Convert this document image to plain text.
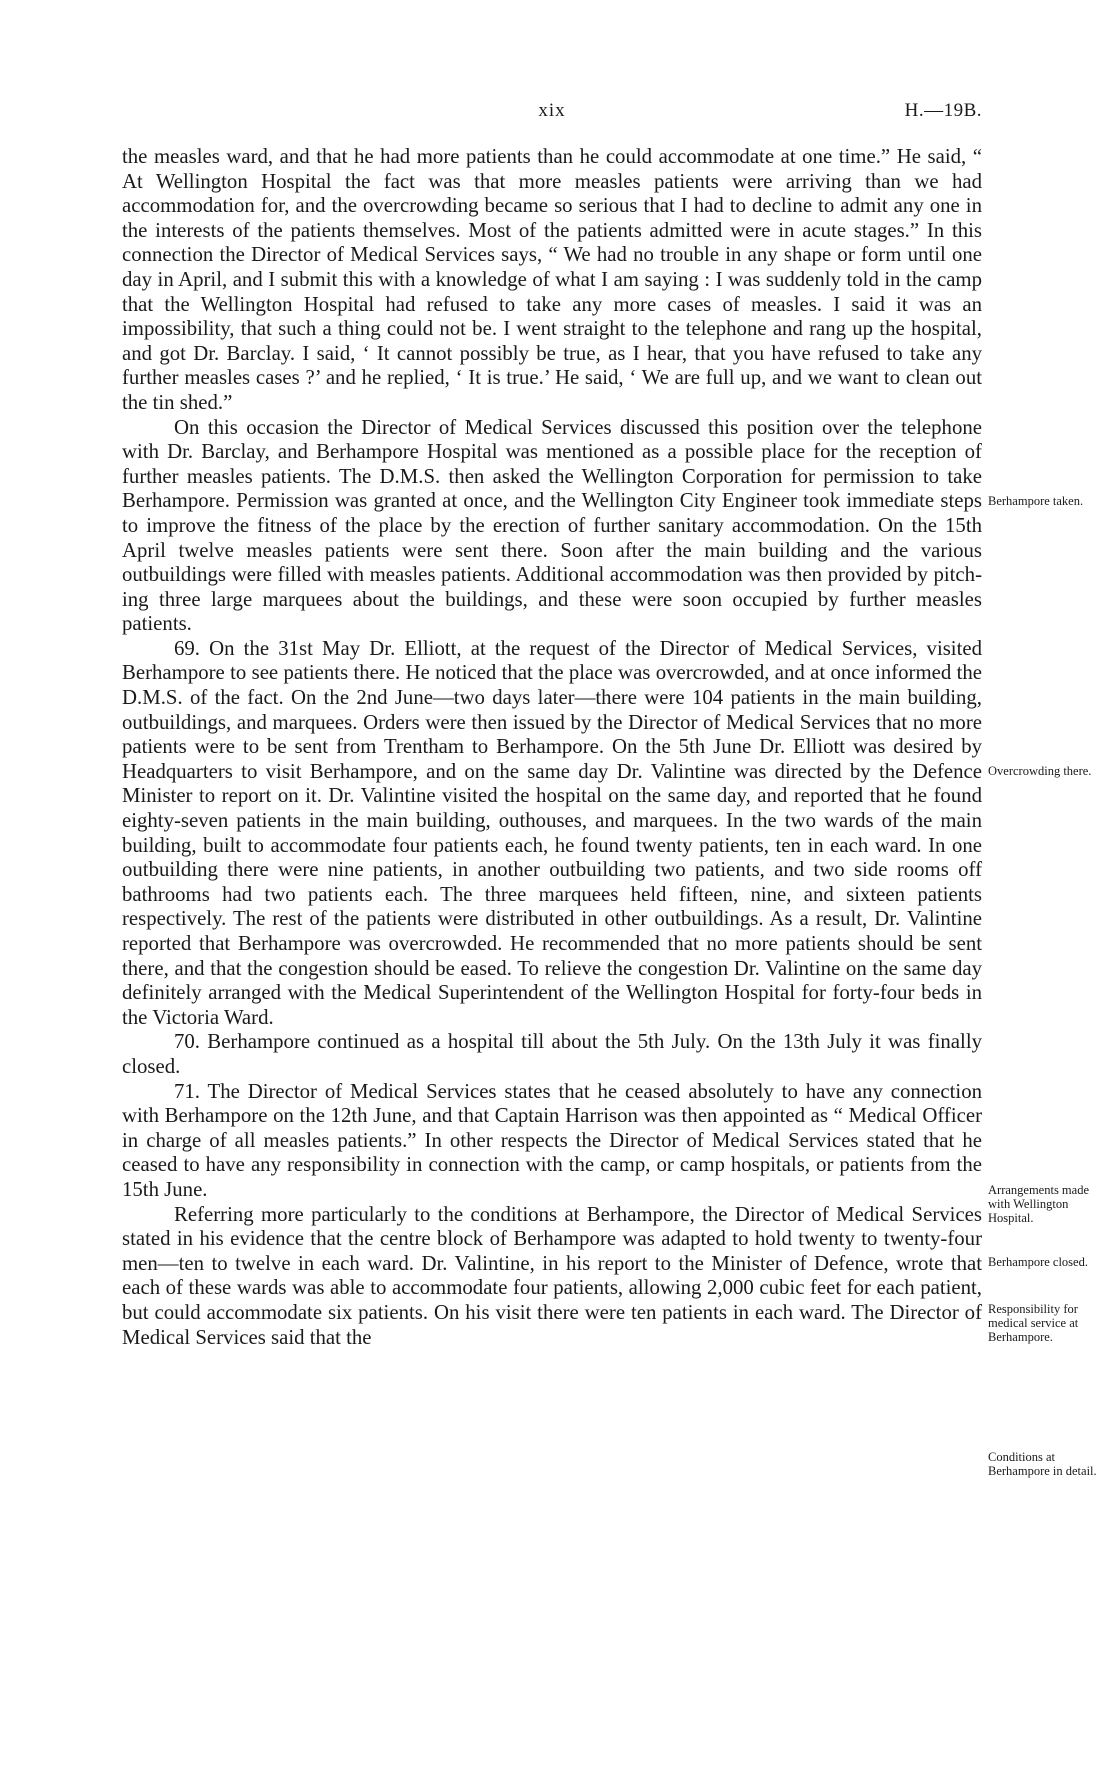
xix	H.—19B.

the measles ward, and that he had more patients than he could accommodate at one time.” He said, “ At Wellington Hospital the fact was that more measles patients were arriving than we had accommodation for, and the overcrowding became so serious that I had to decline to admit any one in the interests of the patients themselves. Most of the patients admitted were in acute stages.” In this connection the Director of Medical Services says, “ We had no trouble in any shape or form until one day in April, and I submit this with a knowledge of what I am saying : I was suddenly told in the camp that the Wellington Hospital had refused to take any more cases of measles. I said it was an impossibility, that such a thing could not be. I went straight to the telephone and rang up the hospital, and got Dr. Barclay. I said, ‘ It cannot possibly be true, as I hear, that you have refused to take any further measles cases ?’ and he replied, ‘ It is true.’ He said, ‘ We are full up, and we want to clean out the tin shed.”

On this occasion the Director of Medical Services discussed this position over the telephone with Dr. Barclay, and Berhampore Hospital was mentioned as a possible place for the reception of further measles patients. The D.M.S. then asked the Wellington Corporation for permission to take Berhampore. Permission was granted at once, and the Wellington City Engineer took immediate steps to improve the fitness of the place by the erection of further sanitary accommodation. On the 15th April twelve measles patients were sent there. Soon after the main building and the various outbuildings were filled with measles patients. Additional accommodation was then provided by pitching three large marquees about the buildings, and these were soon occupied by further measles patients.

69. On the 31st May Dr. Elliott, at the request of the Director of Medical Services, visited Berhampore to see patients there. He noticed that the place was overcrowded, and at once informed the D.M.S. of the fact. On the 2nd June—two days later—there were 104 patients in the main building, outbuildings, and marquees. Orders were then issued by the Director of Medical Services that no more patients were to be sent from Trentham to Berhampore. On the 5th June Dr. Elliott was desired by Headquarters to visit Berhampore, and on the same day Dr. Valintine was directed by the Defence Minister to report on it. Dr. Valintine visited the hospital on the same day, and reported that he found eighty-seven patients in the main building, outhouses, and marquees. In the two wards of the main building, built to accommodate four patients each, he found twenty patients, ten in each ward. In one outbuilding there were nine patients, in another outbuilding two patients, and two side rooms off bathrooms had two patients each. The three marquees held fifteen, nine, and sixteen patients respectively. The rest of the patients were distributed in other outbuildings. As a result, Dr. Valintine reported that Berhampore was overcrowded. He recommended that no more patients should be sent there, and that the congestion should be eased. To relieve the congestion Dr. Valintine on the same day definitely arranged with the Medical Superintendent of the Wellington Hospital for forty-four beds in the Victoria Ward.

70. Berhampore continued as a hospital till about the 5th July. On the 13th July it was finally closed.

71. The Director of Medical Services states that he ceased absolutely to have any connection with Berhampore on the 12th June, and that Captain Harrison was then appointed as “ Medical Officer in charge of all measles patients.” In other respects the Director of Medical Services stated that he ceased to have any responsibility in connection with the camp, or camp hospitals, or patients from the 15th June.

Referring more particularly to the conditions at Berhampore, the Director of Medical Services stated in his evidence that the centre block of Berhampore was adapted to hold twenty to twenty-four men—ten to twelve in each ward. Dr. Valintine, in his report to the Minister of Defence, wrote that each of these wards was able to accommodate four patients, allowing 2,000 cubic feet for each patient, but could accommodate six patients. On his visit there were ten patients in each ward. The Director of Medical Services said that the

Berhampore taken.
Overcrowding there.
Arrangements made with Wellington Hospital.
Berhampore closed.
Responsibility for medical service at Berhampore.
Conditions at Berhampore in detail.
